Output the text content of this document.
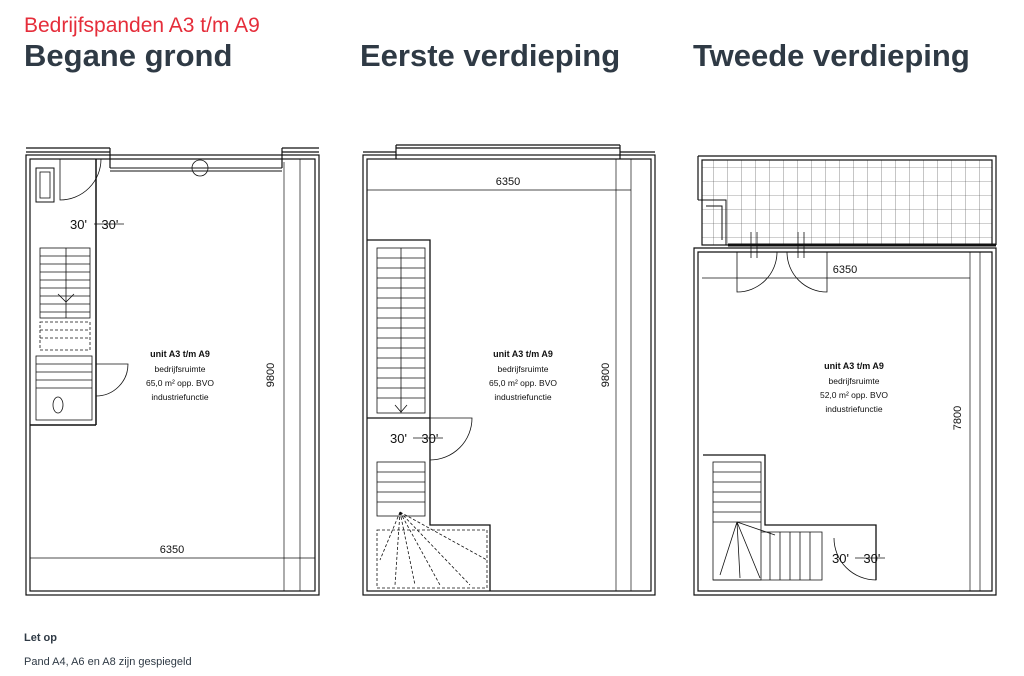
Bedrijfspanden A3 t/m A9
Begane grond	Eerste verdieping Tweede verdieping
30'    30'
unit A3 t/m A9
bedrijfsruimte
65,0 m² opp. BVO
industriefunctie
6350
9800
6350
30'    30'
unit A3 t/m A9
bedrijfsruimte
65,0 m² opp. BVO
industriefunctie
9800
6350
unit A3 t/m A9
bedrijfsruimte
52,0 m² opp. BVO
industriefunctie	7800
30'    30'
Let op
Pand A4, A6 en A8 zijn gespiegeld
